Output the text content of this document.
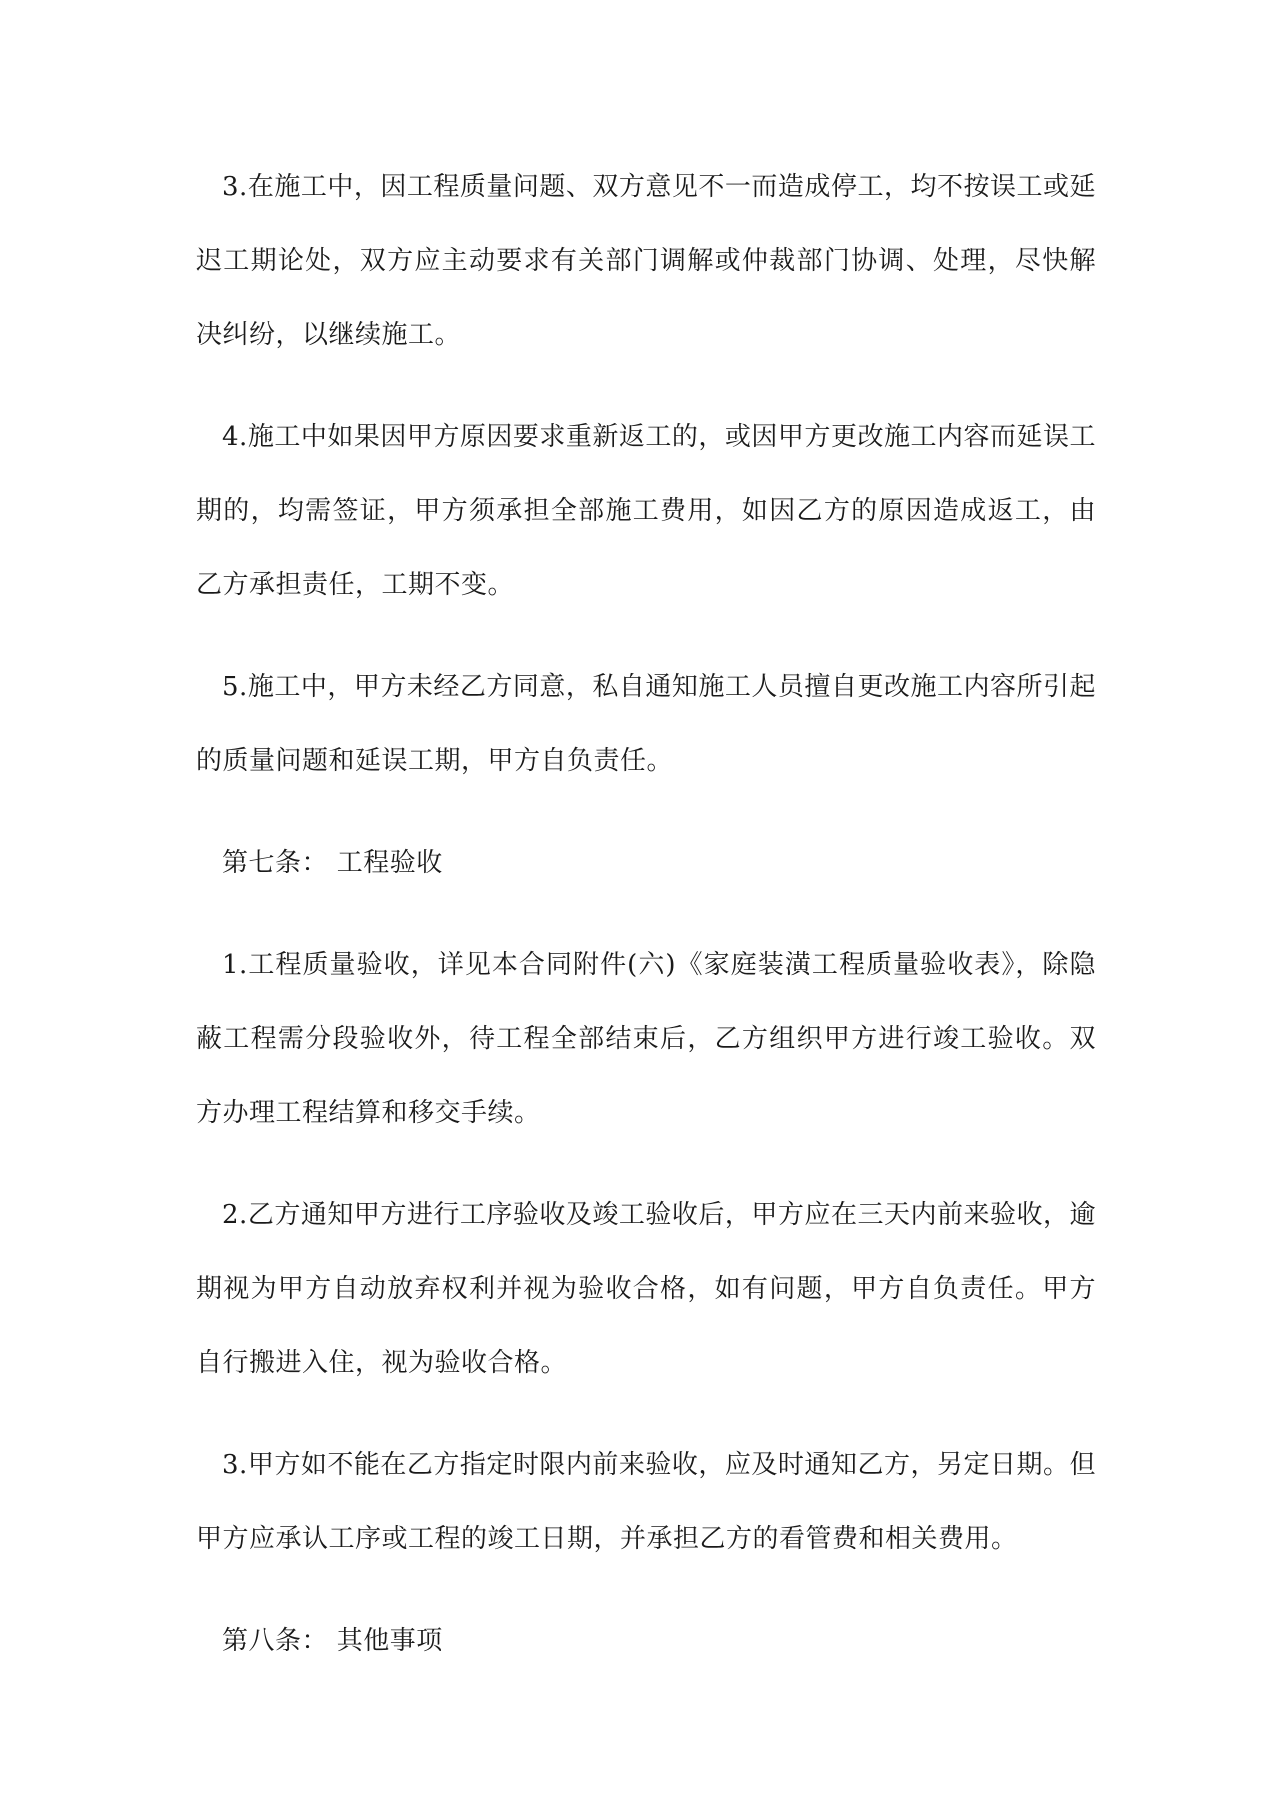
3.在施工中，因工程质量问题、双方意见不一而造成停工，均不按误工或延迟工期论处，双方应主动要求有关部门调解或仲裁部门协调、处理，尽快解决纠纷，以继续施工。

4.施工中如果因甲方原因要求重新返工的，或因甲方更改施工内容而延误工期的，均需签证，甲方须承担全部施工费用，如因乙方的原因造成返工，由乙方承担责任，工期不变。

5.施工中，甲方未经乙方同意，私自通知施工人员擅自更改施工内容所引起的质量问题和延误工期，甲方自负责任。

第七条： 工程验收

1.工程质量验收，详见本合同附件(六)《家庭装潢工程质量验收表》，除隐蔽工程需分段验收外，待工程全部结束后，乙方组织甲方进行竣工验收。双方办理工程结算和移交手续。

2.乙方通知甲方进行工序验收及竣工验收后，甲方应在三天内前来验收，逾期视为甲方自动放弃权利并视为验收合格，如有问题，甲方自负责任。甲方自行搬进入住，视为验收合格。

3.甲方如不能在乙方指定时限内前来验收，应及时通知乙方，另定日期。但甲方应承认工序或工程的竣工日期，并承担乙方的看管费和相关费用。

第八条： 其他事项
